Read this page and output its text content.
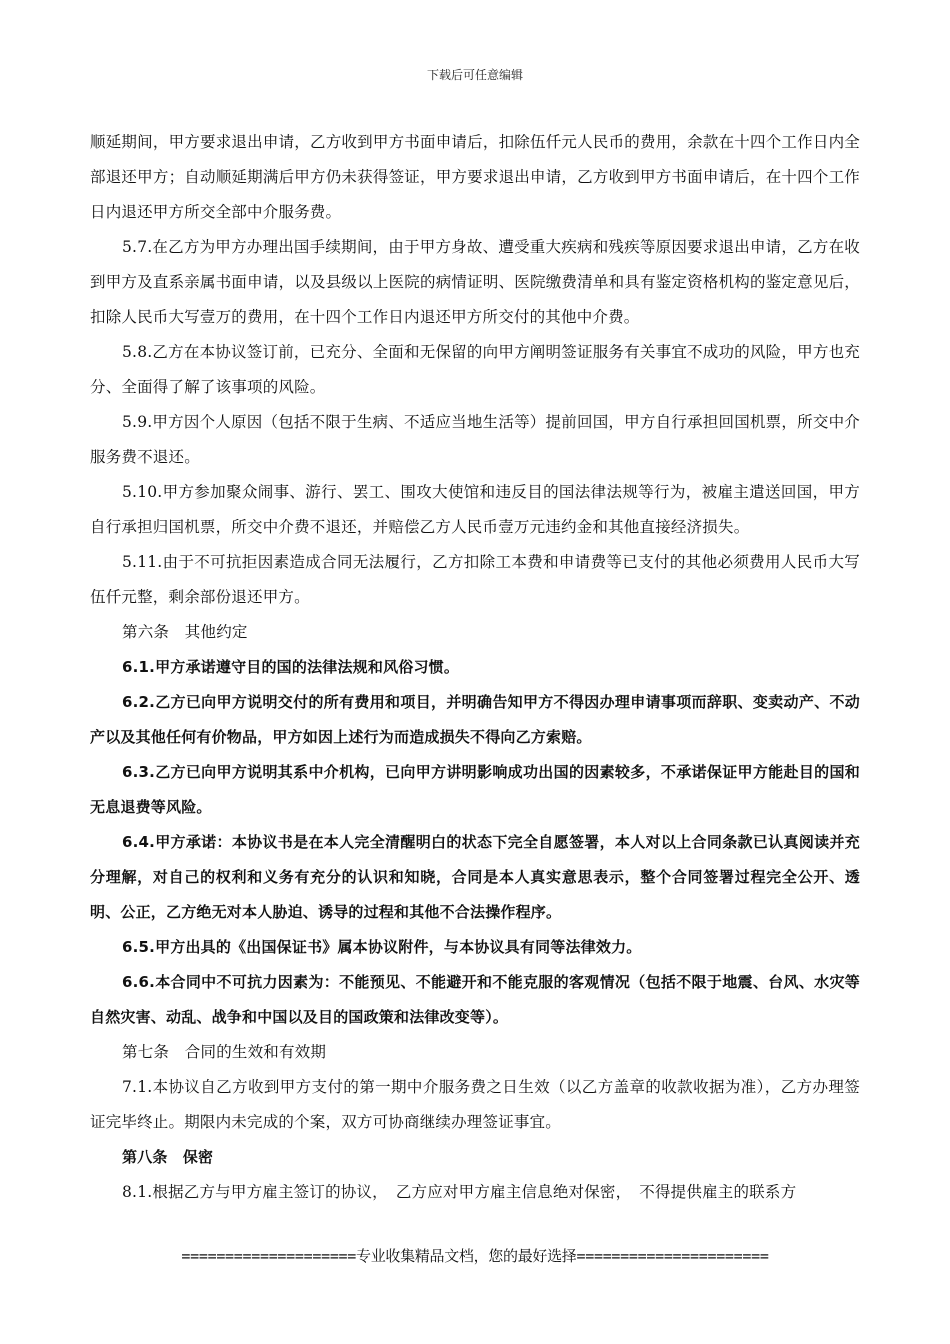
下载后可任意编辑

顺延期间，甲方要求退出申请，乙方收到甲方书面申请后，扣除伍仟元人民币的费用，余款在十四个工作日内全部退还甲方；自动顺延期满后甲方仍未获得签证，甲方要求退出申请，乙方收到甲方书面申请后，在十四个工作日内退还甲方所交全部中介服务费。

5.7.在乙方为甲方办理出国手续期间，由于甲方身故、遭受重大疾病和残疾等原因要求退出申请，乙方在收到甲方及直系亲属书面申请，以及县级以上医院的病情证明、医院缴费清单和具有鉴定资格机构的鉴定意见后，扣除人民币大写壹万的费用，在十四个工作日内退还甲方所交付的其他中介费。

5.8.乙方在本协议签订前，已充分、全面和无保留的向甲方阐明签证服务有关事宜不成功的风险，甲方也充分、全面得了解了该事项的风险。

5.9.甲方因个人原因（包括不限于生病、不适应当地生活等）提前回国，甲方自行承担回国机票，所交中介服务费不退还。

5.10.甲方参加聚众闹事、游行、罢工、围攻大使馆和违反目的国法律法规等行为，被雇主遣送回国，甲方自行承担归国机票，所交中介费不退还，并赔偿乙方人民币壹万元违约金和其他直接经济损失。

5.11.由于不可抗拒因素造成合同无法履行，乙方扣除工本费和申请费等已支付的其他必须费用人民币大写伍仟元整，剩余部份退还甲方。

第六条　其他约定

6.1.甲方承诺遵守目的国的法律法规和风俗习惯。

6.2.乙方已向甲方说明交付的所有费用和项目，并明确告知甲方不得因办理申请事项而辞职、变卖动产、不动产以及其他任何有价物品，甲方如因上述行为而造成损失不得向乙方索赔。

6.3.乙方已向甲方说明其系中介机构，已向甲方讲明影响成功出国的因素较多，不承诺保证甲方能赴目的国和无息退费等风险。

6.4.甲方承诺：本协议书是在本人完全清醒明白的状态下完全自愿签署，本人对以上合同条款已认真阅读并充分理解，对自己的权利和义务有充分的认识和知晓，合同是本人真实意思表示，整个合同签署过程完全公开、透明、公正，乙方绝无对本人胁迫、诱导的过程和其他不合法操作程序。

6.5.甲方出具的《出国保证书》属本协议附件，与本协议具有同等法律效力。

6.6.本合同中不可抗力因素为：不能预见、不能避开和不能克服的客观情况（包括不限于地震、台风、水灾等自然灾害、动乱、战争和中国以及目的国政策和法律改变等）。

第七条　合同的生效和有效期

7.1.本协议自乙方收到甲方支付的第一期中介服务费之日生效（以乙方盖章的收款收据为准），乙方办理签证完毕终止。期限内未完成的个案，双方可协商继续办理签证事宜。

第八条　保密

8.1.根据乙方与甲方雇主签订的协议，　乙方应对甲方雇主信息绝对保密，　不得提供雇主的联系方

====================专业收集精品文档，您的最好选择======================
